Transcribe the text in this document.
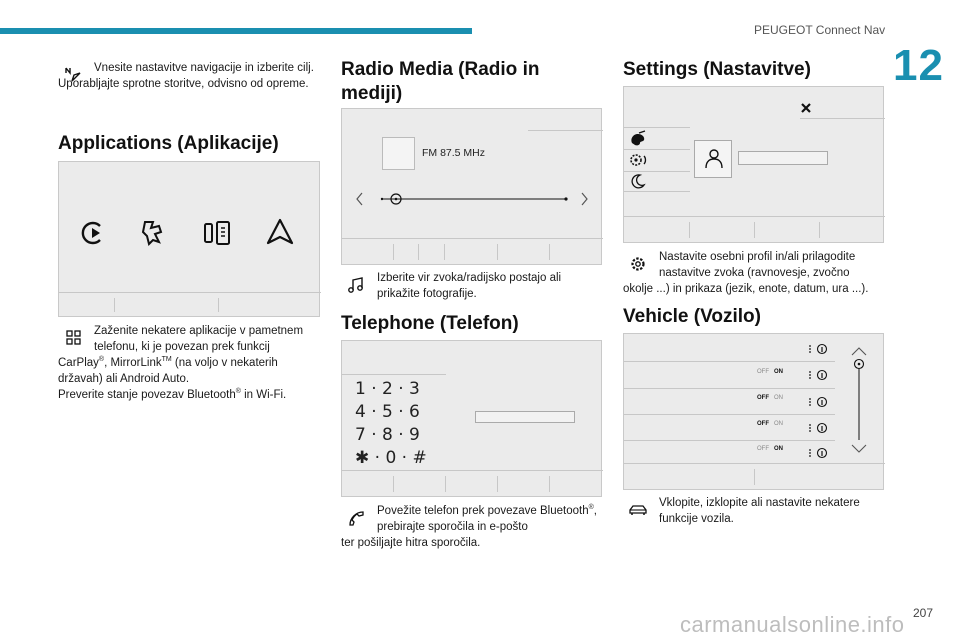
PEUGEOT Connect Nav
12
Vnesite nastavitve navigacije in izberite cilj.
Uporabljajte sprotne storitve, odvisno od opreme.
Applications (Aplikacije)
Zaženite nekatere aplikacije v pametnem telefonu, ki je povezan prek funkcij
CarPlay®, MirrorLink™ (na voljo v nekaterih
državah) ali Android Auto.
Preverite stanje povezav Bluetooth® in Wi-Fi.
Radio Media (Radio in
mediji)
FM 87.5 MHz
Izberite vir zvoka/radijsko postajo ali prikažite fotografije.
Telephone (Telefon)
1 · 2 · 3
4 · 5 · 6
7 · 8 · 9
✱ · 0 · #
Povežite telefon prek povezave Bluetooth®, prebirajte sporočila in e-pošto
ter pošiljajte hitra sporočila.
Settings (Nastavitve)
Nastavite osebni profil in/ali prilagodite nastavitve zvoka (ravnovesje, zvočno
okolje ...) in prikaza (jezik, enote, datum, ura ...).
Vehicle (Vozilo)
OFF ON
OFF ON
OFF ON
OFF ON
Vklopite, izklopite ali nastavite nekatere funkcije vozila.
carmanualsonline.info 207
